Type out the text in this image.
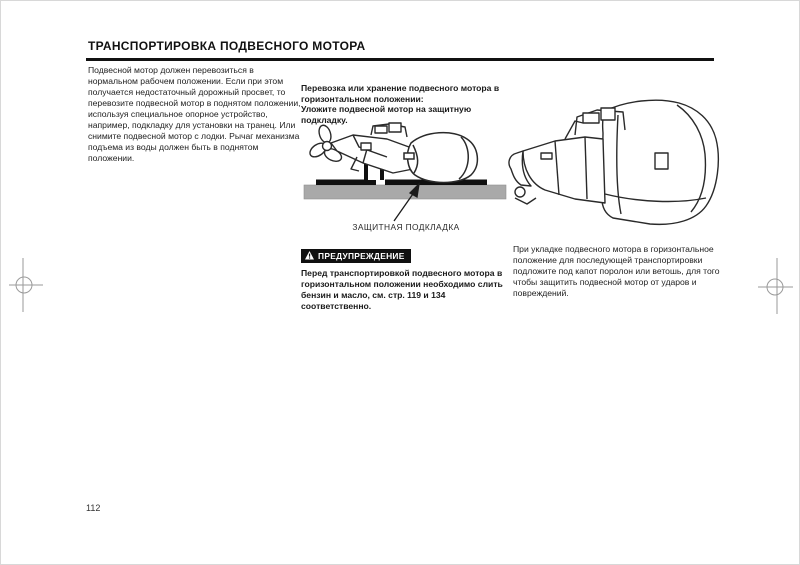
ТРАНСПОРТИРОВКА ПОДВЕСНОГО МОТОРА
Подвесной мотор должен перевозиться в нормальном рабочем положении. Если при этом получается недостаточный дорожный просвет, то перевозите подвесной мотор в поднятом положении, используя специальное опорное устройство, например, подкладку для установки на транец. Или снимите подвесной мотор с лодки. Рычаг механизма подъема из воды должен быть в поднятом положении.
Перевозка или хранение подвесного мотора в горизонтальном положении:
Уложите подвесной мотор на защитную подкладку.
ЗАЩИТНАЯ ПОДКЛАДКА
ПРЕДУПРЕЖДЕНИЕ
Перед транспортировкой подвесного мотора в горизонтальном положении необходимо слить бензин и масло, см. стр. 119 и 134 соответственно.
При укладке подвесного мотора в горизонтальное положение для последующей транспортировки подложите под капот поролон или ветошь, для того чтобы защитить подвесной мотор от ударов и повреждений.
112
